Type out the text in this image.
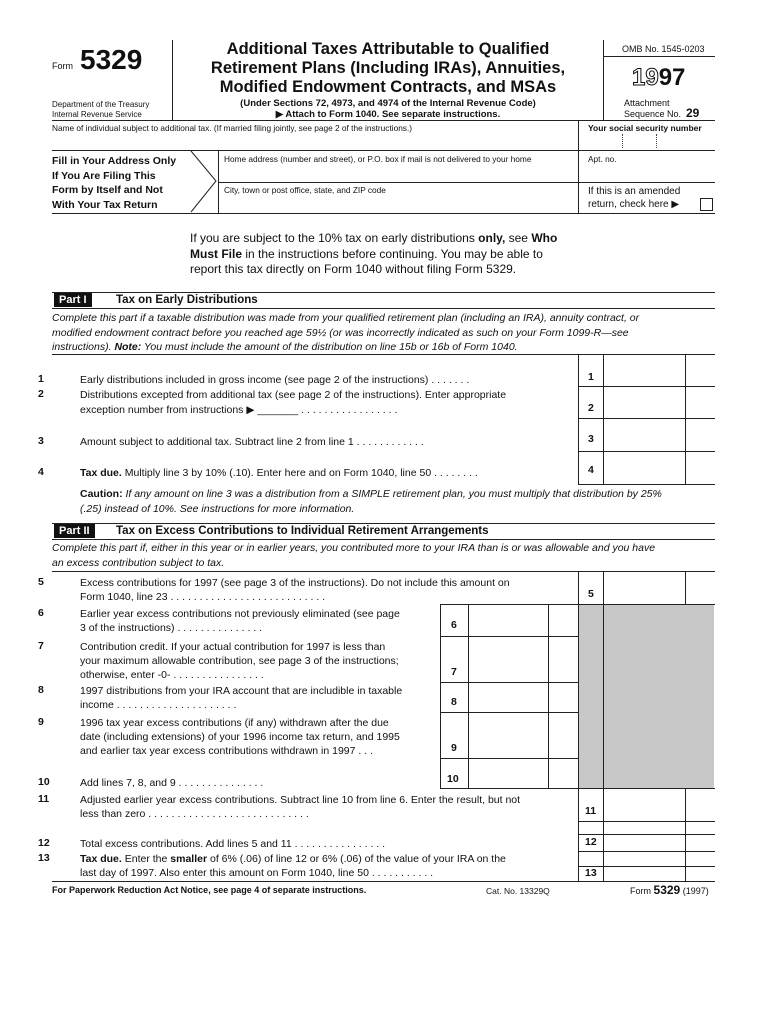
Form 5329
Department of the Treasury
Internal Revenue Service
Additional Taxes Attributable to Qualified
Retirement Plans (Including IRAs), Annuities,
Modified Endowment Contracts, and MSAs
(Under Sections 72, 4973, and 4974 of the Internal Revenue Code)
▶ Attach to Form 1040. See separate instructions.
OMB No. 1545-0203
1997
Attachment
Sequence No. 29
Name of individual subject to additional tax. (If married filing jointly, see page 2 of the instructions.)	Your social security number
Fill in Your Address Only
If You Are Filing This
Form by Itself and Not
With Your Tax Return
Home address (number and street), or P.O. box if mail is not delivered to your home	Apt. no.
City, town or post office, state, and ZIP code	If this is an amended
return, check here ▶
If you are subject to the 10% tax on early distributions only, see Who
Must File in the instructions before continuing. You may be able to
report this tax directly on Form 1040 without filing Form 5329.
Part I	Tax on Early Distributions
Complete this part if a taxable distribution was made from your qualified retirement plan (including an IRA), annuity contract, or
modified endowment contract before you reached age 59½ (or was incorrectly indicated as such on your Form 1099-R—see
instructions). Note: You must include the amount of the distribution on line 15b or 16b of Form 1040.
1	Early distributions included in gross income (see page 2 of the instructions) . . . . . . .	1
2	Distributions excepted from additional tax (see page 2 of the instructions). Enter appropriate
exception number from instructions ▶ _______ . . . . . . . . . . . . . . . . .	2
3	Amount subject to additional tax. Subtract line 2 from line 1 . . . . . . . . . . . .	3
4	Tax due. Multiply line 3 by 10% (.10). Enter here and on Form 1040, line 50 . . . . . . . .	4
Caution: If any amount on line 3 was a distribution from a SIMPLE retirement plan, you must multiply that distribution by 25%
(.25) instead of 10%. See instructions for more information.
Part II	Tax on Excess Contributions to Individual Retirement Arrangements
Complete this part if, either in this year or in earlier years, you contributed more to your IRA than is or was allowable and you have
an excess contribution subject to tax.
5	Excess contributions for 1997 (see page 3 of the instructions). Do not include this amount on
Form 1040, line 23 . . . . . . . . . . . . . . . . . . . . . . . . . . .	5
6	Earlier year excess contributions not previously eliminated (see page
3 of the instructions) . . . . . . . . . . . . . . .	6
7	Contribution credit. If your actual contribution for 1997 is less than
your maximum allowable contribution, see page 3 of the instructions;
otherwise, enter -0- . . . . . . . . . . . . . . . .	7
8	1997 distributions from your IRA account that are includible in taxable
income . . . . . . . . . . . . . . . . . . . . .	8
9	1996 tax year excess contributions (if any) withdrawn after the due
date (including extensions) of your 1996 income tax return, and 1995
and earlier tax year excess contributions withdrawn in 1997 . . .	9
10	Add lines 7, 8, and 9 . . . . . . . . . . . . . . .	10
11	Adjusted earlier year excess contributions. Subtract line 10 from line 6. Enter the result, but not
less than zero . . . . . . . . . . . . . . . . . . . . . . . . . . . .	11
12	Total excess contributions. Add lines 5 and 11 . . . . . . . . . . . . . . . .	12
13	Tax due. Enter the smaller of 6% (.06) of line 12 or 6% (.06) of the value of your IRA on the
last day of 1997. Also enter this amount on Form 1040, line 50 . . . . . . . . . . .	13
For Paperwork Reduction Act Notice, see page 4 of separate instructions.	Cat. No. 13329Q	Form 5329 (1997)
